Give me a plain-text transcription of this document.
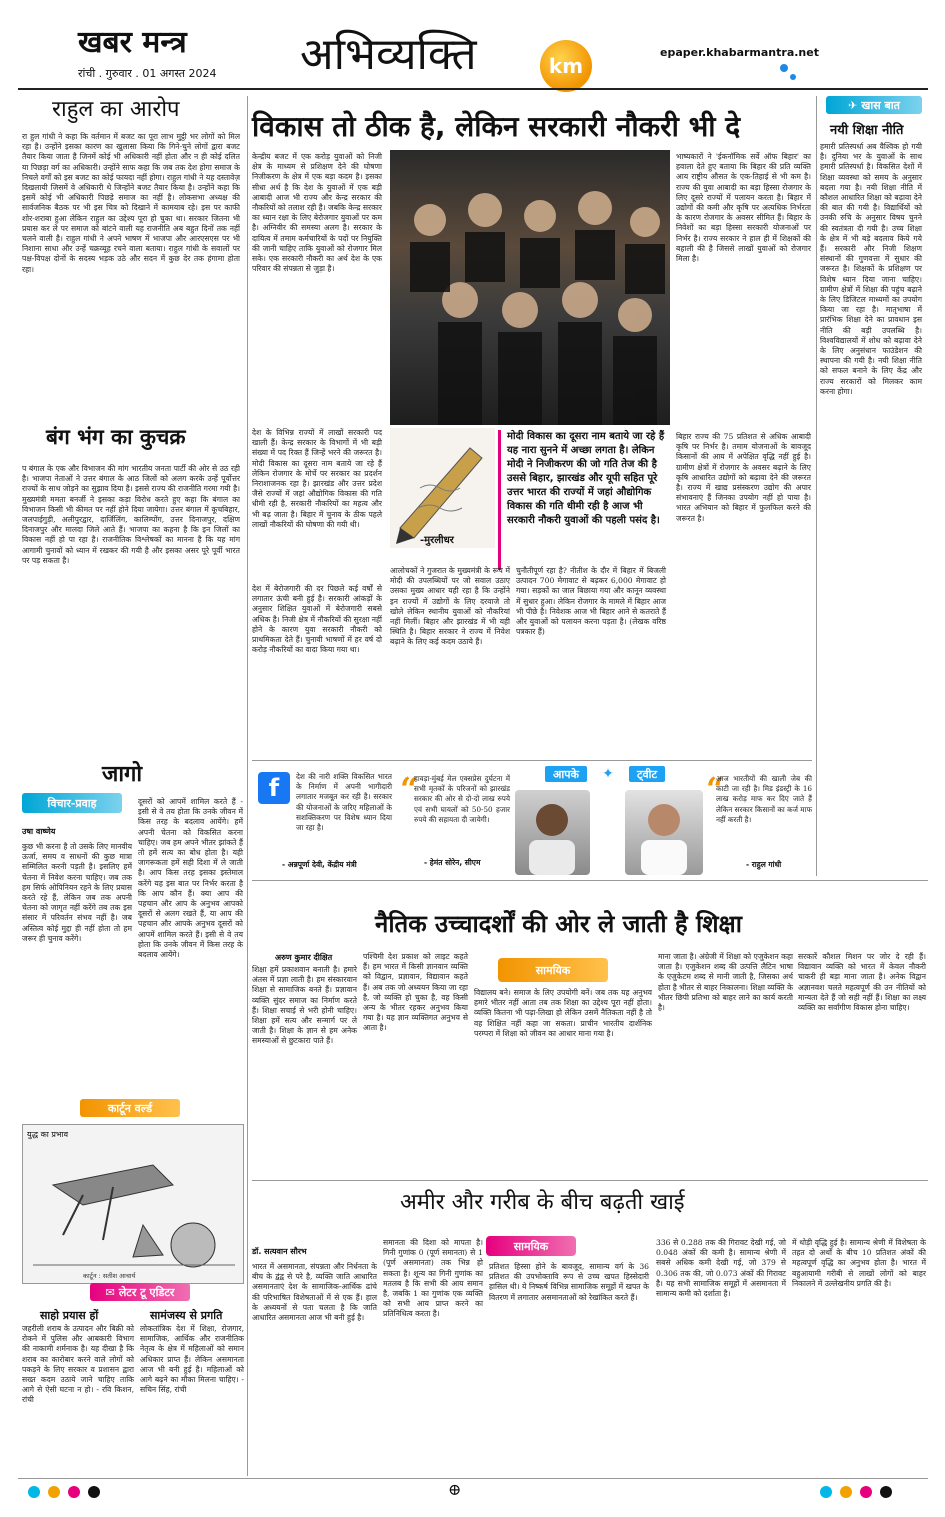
खबर मन्त्र
रांची . गुरुवार . 01 अगस्त 2024 अभिव्यक्ति	km
epaper.khabarmantra.net
राहुल का आरोप
रा हुल गांधी ने कहा कि वर्तमान में बजट का पूरा लाभ मुट्ठी भर लोगों को मिल रहा है। उन्होंने इसका कारण का खुलासा किया कि गिने-चुने लोगों द्वारा बजट तैयार किया जाता है जिनमें कोई भी अधिकारी नहीं होता और न ही कोई दलित या पिछड़ा वर्ग का अधिकारी। उन्होंने साफ कहा कि जब तक देश होगा समाज के निचले वर्गों को इस बजट का कोई फायदा नहीं होगा। राहुल गांधी ने यह दस्तावेज़ दिखलायी जिसमें वे अधिकारी थे जिन्होंने बजट तैयार किया है। उन्होंने कहा कि इसमें कोई भी अधिकारी पिछड़े समाज का नहीं है। लोकसभा अध्यक्ष की सार्वजनिक बैठक पर भी इस चित्र को दिखाने में कामयाब रहे। इस पर काफी शोर-शराबा हुआ लेकिन राहुल का उद्देश्य पूरा हो चुका था। सरकार जितना भी प्रयास कर ले पर समाज को बांटने वाली यह राजनीति अब बहुत दिनों तक नहीं चलने वाली है। राहुल गांधी ने अपने भाषण में भाजपा और आरएसएस पर भी निशाना साधा और उन्हें चक्रव्यूह रचने वाला बताया। राहुल गांधी के सवालों पर पक्ष-विपक्ष दोनों के सदस्य भड़क उठे और सदन में कुछ देर तक हंगामा होता रहा।
बंग भंग का कुचक्र
प बंगाल के एक और विभाजन की मांग भारतीय जनता पार्टी की ओर से उठ रही है। भाजपा नेताओं ने उत्तर बंगाल के आठ जिलों को अलग करके उन्हें पूर्वोत्तर राज्यों के साथ जोड़ने का सुझाव दिया है। इससे राज्य की राजनीति गरमा गयी है। मुख्यमंत्री ममता बनर्जी ने इसका कड़ा विरोध करते हुए कहा कि बंगाल का विभाजन किसी भी कीमत पर नहीं होने दिया जायेगा। उत्तर बंगाल में कूचबिहार, जलपाईगुड़ी, अलीपुरद्वार, दार्जिलिंग, कालिम्पोंग, उत्तर दिनाजपुर, दक्षिण दिनाजपुर और मालदा जिले आते हैं। भाजपा का कहना है कि इन जिलों का विकास नहीं हो पा रहा है। राजनीतिक विश्लेषकों का मानना है कि यह मांग आगामी चुनावों को ध्यान में रखकर की गयी है और इसका असर पूरे पूर्वी भारत पर पड़ सकता है।
जागो
विचार-प्रवाह
उषा वाष्णेय
कुछ भी करना है तो उसके लिए मानवीय ऊर्जा, समय व साधनों की कुछ मात्रा सम्मिलित करनी पड़ती है। इसलिए हमें चेतना में निवेश करना चाहिए। जब तक हम सिर्फ ओपिनियन रहने के लिए प्रयास करते रहे हैं, लेकिन जब तक अपनी चेतना को जागृत नहीं करेंगे तब तक इस संसार में परिवर्तन संभव नहीं है। जब अस्तित्व कोई मुद्दा ही नहीं होता तो हम जरूर ही चुनाव करेंगे।
दूसरों को आपमें शामिल करते हैं - इसी से वे तय होता कि उनके जीवन में किस तरह के बदलाव आयेंगे। हमें अपनी चेतना को विकसित करना चाहिए। जब हम अपने भीतर झांकते हैं तो हमें सत्य का बोध होता है। यही जागरूकता हमें सही दिशा में ले जाती है। आप किस तरह इसका इस्तेमाल करेंगे यह इस बात पर निर्भर करता है कि आप कौन हैं। क्या आप की पहचान और आप के अनुभव आपको दूसरों से अलग रखते हैं, या आप की पहचान और आपके अनुभव दूसरों को आपमें शामिल करते हैं। इसी से वे तय होता कि उनके जीवन में किस तरह के बदलाव आयेंगे।
कार्टून वर्ल्ड
युद्ध का प्रभाव
कार्टून : सतीश आचार्य
✉ लेटर टू एडिटर
साहो प्रयास हों
जहरीली शराब के उत्पादन और बिक्री को रोकने में पुलिस और आबकारी विभाग की नाकामी शर्मनाक है। यह दीखा है कि शराब का कारोबार करने वाले लोगों को पकड़ने के लिए सरकार व प्रशासन द्वारा सख्त कदम उठाये जाने चाहिए ताकि आगे से ऐसी घटना न हो। - रवि किशन, रांची
सामंजस्य से प्रगति
लोकतांत्रिक देश में शिक्षा, रोजगार, सामाजिक, आर्थिक और राजनीतिक नेतृत्व के क्षेत्र में महिलाओं को समान अधिकार प्राप्त हैं। लेकिन असमानता आज भी बनी हुई है। महिलाओं को आगे बढ़ने का मौका मिलना चाहिए। - सचिन सिंह, रांची
विकास तो ठीक है, लेकिन सरकारी नौकरी भी दे
केन्द्रीय बजट में एक करोड़ युवाओं को निजी क्षेत्र के माध्यम से प्रशिक्षण देने की घोषणा निजीकरण के क्षेत्र में एक बड़ा कदम है। इसका सीधा अर्थ है कि देश के युवाओं में एक बड़ी आबादी आज भी राज्य और केन्द्र सरकार की नौकरियों को तलाश रही है। जबकि केन्द्र सरकार का ध्यान रक्षा के लिए बेरोजगार युवाओं पर कम है। अग्निवीर की समस्या अलग है। सरकार के दायित्व में तमाम कर्मचारियों के पदों पर नियुक्ति की जानी चाहिए ताकि युवाओं को रोजगार मिल सके। एक सरकारी नौकरी का अर्थ देश के एक परिवार की संपन्नता से जुड़ा है।
भाष्यकारों ने 'ईकनॉमिक सर्वे ऑफ बिहार' का हवाला देते हुए बताया कि बिहार की प्रति व्यक्ति आय राष्ट्रीय औसत के एक-तिहाई से भी कम है। राज्य की युवा आबादी का बड़ा हिस्सा रोजगार के लिए दूसरे राज्यों में पलायन करता है। बिहार में उद्योगों की कमी और कृषि पर अत्यधिक निर्भरता के कारण रोजगार के अवसर सीमित हैं। बिहार के निवेशों का बड़ा हिस्सा सरकारी योजनाओं पर निर्भर है। राज्य सरकार ने हाल ही में शिक्षकों की बहाली की है जिससे लाखों युवाओं को रोजगार मिला है।
देश के विभिन्न राज्यों में लाखों सरकारी पद खाली हैं। केन्द्र सरकार के विभागों में भी बड़ी संख्या में पद रिक्त हैं जिन्हें भरने की जरूरत है। मोदी विकास का दूसरा नाम बताये जा रहे हैं लेकिन रोजगार के मोर्चे पर सरकार का प्रदर्शन निराशाजनक रहा है। झारखंड और उत्तर प्रदेश जैसे राज्यों में जहां औद्योगिक विकास की गति धीमी रही है, सरकारी नौकरियों का महत्व और भी बढ़ जाता है। बिहार में चुनाव के ठीक पहले लाखों नौकरियों की घोषणा की गयी थी।
-मुरलीधर
मोदी विकास का दूसरा नाम बताये जा रहे हैं यह नारा सुनने में अच्छा लगता है। लेकिन मोदी ने निजीकरण की जो गति तेज की है उससे बिहार, झारखंड और यूपी सहित पूरे उत्तर भारत की राज्यों में जहां औद्योगिक विकास की गति धीमी रही है आज भी सरकारी नौकरी युवाओं की पहली पसंद है।
देश में बेरोजगारी की दर पिछले कई वर्षों से लगातार ऊंची बनी हुई है। सरकारी आंकड़ों के अनुसार शिक्षित युवाओं में बेरोजगारी सबसे अधिक है। निजी क्षेत्र में नौकरियों की सुरक्षा नहीं होने के कारण युवा सरकारी नौकरी को प्राथमिकता देते हैं। चुनावी भाषणों में हर वर्ष दो करोड़ नौकरियों का वादा किया गया था।
आलोचकों ने गुजरात के मुख्यमंत्री के रूप में मोदी की उपलब्धियों पर जो सवाल उठाए उसका मुख्य आधार यही रहा है कि उन्होंने इन राज्यों में उद्योगों के लिए दरवाजे तो खोले लेकिन स्थानीय युवाओं को नौकरियां नहीं मिलीं। बिहार और झारखंड में भी यही स्थिति है। बिहार सरकार ने राज्य में निवेश बढ़ाने के लिए कई कदम उठाये हैं।
चुनौतीपूर्ण रहा है? नीतीश के दौर में बिहार में बिजली उत्पादन 700 मेगावाट से बढ़कर 6,000 मेगावाट हो गया। सड़कों का जाल बिछाया गया और कानून व्यवस्था में सुधार हुआ। लेकिन रोजगार के मामले में बिहार आज भी पीछे है। निवेशक आज भी बिहार आने से कतराते हैं और युवाओं को पलायन करना पड़ता है। (लेखक वरिष्ठ पत्रकार हैं)
बिहार राज्य की 75 प्रतिशत से अधिक आबादी कृषि पर निर्भर है। तमाम योजनाओं के बावजूद किसानों की आय में अपेक्षित वृद्धि नहीं हुई है। ग्रामीण क्षेत्रों में रोजगार के अवसर बढ़ाने के लिए कृषि आधारित उद्योगों को बढ़ावा देने की जरूरत है। राज्य में खाद्य प्रसंस्करण उद्योग की अपार संभावनाएं हैं जिनका उपयोग नहीं हो पाया है। भारत अभियान को बिहार में फुलफिल करने की जरूरत है।
f	देश की नारी शक्ति विकसित भारत के निर्माण में अपनी भागीदारी लगातार मजबूत कर रही है। सरकार की योजनाओं के जरिए महिलाओं के सशक्तिकरण पर विशेष ध्यान दिया जा रहा है।
- अन्नपूर्णा देवी, केंद्रीय मंत्री
“
हावड़ा-मुंबई मेल एक्सप्रेस दुर्घटना में सभी मृतकों के परिजनों को झारखंड सरकार की ओर से दो-दो लाख रुपये एवं सभी घायलों को 50-50 हजार रुपये की सहायता दी जायेगी।
- हेमंत सोरेन, सीएम
आपके	✦	ट्वीट “
आज भारतीयों की खाली जेब की काटी जा रही है। मिड इंडस्ट्री के 16 लाख करोड़ माफ कर दिए जाते हैं लेकिन सरकार किसानों का कर्ज माफ नहीं करती है।
- राहुल गांधी
✈ खास बात
नयी शिक्षा नीति
हमारी प्रतिस्पर्धा अब वैश्विक हो गयी है। दुनिया भर के युवाओं के साथ हमारी प्रतिस्पर्धा है। विकसित देशों में शिक्षा व्यवस्था को समय के अनुसार बदला गया है। नयी शिक्षा नीति में कौशल आधारित शिक्षा को बढ़ावा देने की बात की गयी है। विद्यार्थियों को उनकी रुचि के अनुसार विषय चुनने की स्वतंत्रता दी गयी है। उच्च शिक्षा के क्षेत्र में भी बड़े बदलाव किये गये हैं। सरकारी और निजी शिक्षण संस्थानों की गुणवत्ता में सुधार की जरूरत है। शिक्षकों के प्रशिक्षण पर विशेष ध्यान दिया जाना चाहिए। ग्रामीण क्षेत्रों में शिक्षा की पहुंच बढ़ाने के लिए डिजिटल माध्यमों का उपयोग किया जा रहा है। मातृभाषा में प्रारंभिक शिक्षा देने का प्रावधान इस नीति की बड़ी उपलब्धि है। विश्वविद्यालयों में शोध को बढ़ावा देने के लिए अनुसंधान फाउंडेशन की स्थापना की गयी है। नयी शिक्षा नीति को सफल बनाने के लिए केंद्र और राज्य सरकारों को मिलकर काम करना होगा।
नैतिक उच्चादर्शों की ओर ले जाती है शिक्षा
अरुण कुमार दीक्षित
शिक्षा हमें प्रकाशवान बनाती है। हमारे अंतस में प्रज्ञा लाती है। हम संस्कारवान शिक्षा से सामाजिक बनते हैं। प्रज्ञावान व्यक्ति सुंदर समाज का निर्माण करते हैं। शिक्षा सचाई से भरी होनी चाहिए। शिक्षा हमें सत्य और सन्मार्ग पर ले जाती है। शिक्षा के ज्ञान से हम अनेक समस्याओं से छुटकारा पाते हैं।
पश्चिमी देश प्रकाश को लाइट कहते हैं। हम भारत में किसी ज्ञानवान व्यक्ति को विद्वान, प्रज्ञावान, विद्यावान कहते हैं। अब तक जो अध्ययन किया जा रहा है, जो व्यक्ति हो चुका है, वह किसी अन्य के भीतर रहकर अनुभव किया गया है। यह ज्ञान व्यक्तिगत अनुभव से आता है।
सामयिक
विद्यालय बने। समाज के लिए उपयोगी बनें। जब तक यह अनुभव हमारे भीतर नहीं आता तब तक शिक्षा का उद्देश्य पूरा नहीं होता। व्यक्ति कितना भी पढ़ा-लिखा हो लेकिन उसमें नैतिकता नहीं है तो वह शिक्षित नहीं कहा जा सकता। प्राचीन भारतीय दार्शनिक परम्परा में शिक्षा को जीवन का आधार माना गया है।
माना जाता है। अंग्रेजी में शिक्षा को एजुकेशन कहा जाता है। एजुकेशन शब्द की उत्पत्ति लैटिन भाषा के एजुकेटम शब्द से मानी जाती है, जिसका अर्थ होता है भीतर से बाहर निकालना। शिक्षा व्यक्ति के भीतर छिपी प्रतिभा को बाहर लाने का कार्य करती है।
सरकारें कौशल मिशन पर जोर दे रही हैं। विद्यावान व्यक्ति को भारत में केवल नौकरी चाकरी ही बड़ा माना जाता है। अनेक विद्वान अज्ञानवश चलते महत्वपूर्ण की उन नीतियों को मान्यता देते हैं जो सही नहीं हैं। शिक्षा का लक्ष्य व्यक्ति का सर्वांगीण विकास होना चाहिए।
अमीर और गरीब के बीच बढ़ती खाई
डॉ. सत्यवान सौरभ
भारत में असमानता, संपन्नता और निर्धनता के बीच के द्वंद्व से परे है, व्यक्ति जाति आधारित असमानताएं देश के सामाजिक-आर्थिक ढांचे की परिभाषित विशेषताओं में से एक हैं। हाल के अध्ययनों से पता चलता है कि जाति आधारित असमानता आज भी बनी हुई है।
समानता की दिशा को मापता है। गिनी गुणांक 0 (पूर्ण समानता) से 1 (पूर्ण असमानता) तक भिन्न हो सकता है। शून्य का गिनी गुणांक का मतलब है कि सभी की आय समान है, जबकि 1 का गुणांक एक व्यक्ति को सभी आय प्राप्त करने का प्रतिनिधित्व करता है।
सामयिक
प्रतिशत हिस्सा होने के बावजूद, सामान्य वर्ग के 36 प्रतिशत की उपभोक्तावि रूप से उच्च खपत हिस्सेदारी हासिल थी। ये निष्कर्ष विभिन्न सामाजिक समूहों में खपत के वितरण में लगातार असमानताओं को रेखांकित करते हैं।
336 से 0.288 तक की गिरावट देखी गई, जो 0.048 अंकों की कमी है। सामान्य श्रेणी में सबसे अधिक कमी देखी गई, जो 379 से 0.306 तक की, जो 0.073 अंकों की गिरावट है। यह सभी सामाजिक समूहों में असमानता में सामान्य कमी को दर्शाता है।
में थोड़ी वृद्धि हुई है। सामान्य श्रेणी में विशेषता के तहत दो अर्थों के बीच 10 प्रतिशत अंकों की महत्वपूर्ण वृद्धि का अनुभव होता है। भारत में बहुआयामी गरीबी से लाखों लोगों को बाहर निकालने में उल्लेखनीय प्रगति की है।
⊕
